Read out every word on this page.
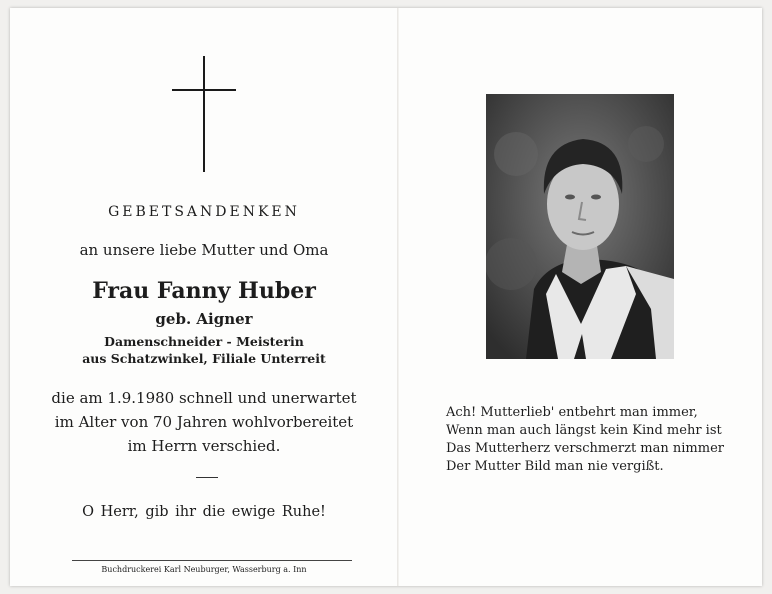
GEBETSANDENKEN
an unsere liebe Mutter und Oma
Frau Fanny Huber
geb. Aigner
Damenschneider - Meisterin
aus Schatzwinkel, Filiale Unterreit
die am 1.9.1980 schnell und unerwartet
im Alter von 70 Jahren wohlvorbereitet
im Herrn verschied.
O Herr, gib ihr die ewige Ruhe!
Buchdruckerei Karl Neuburger, Wasserburg a. Inn
Ach! Mutterlieb' entbehrt man immer,
Wenn man auch längst kein Kind mehr ist
Das Mutterherz verschmerzt man nimmer
Der Mutter Bild man nie vergißt.
